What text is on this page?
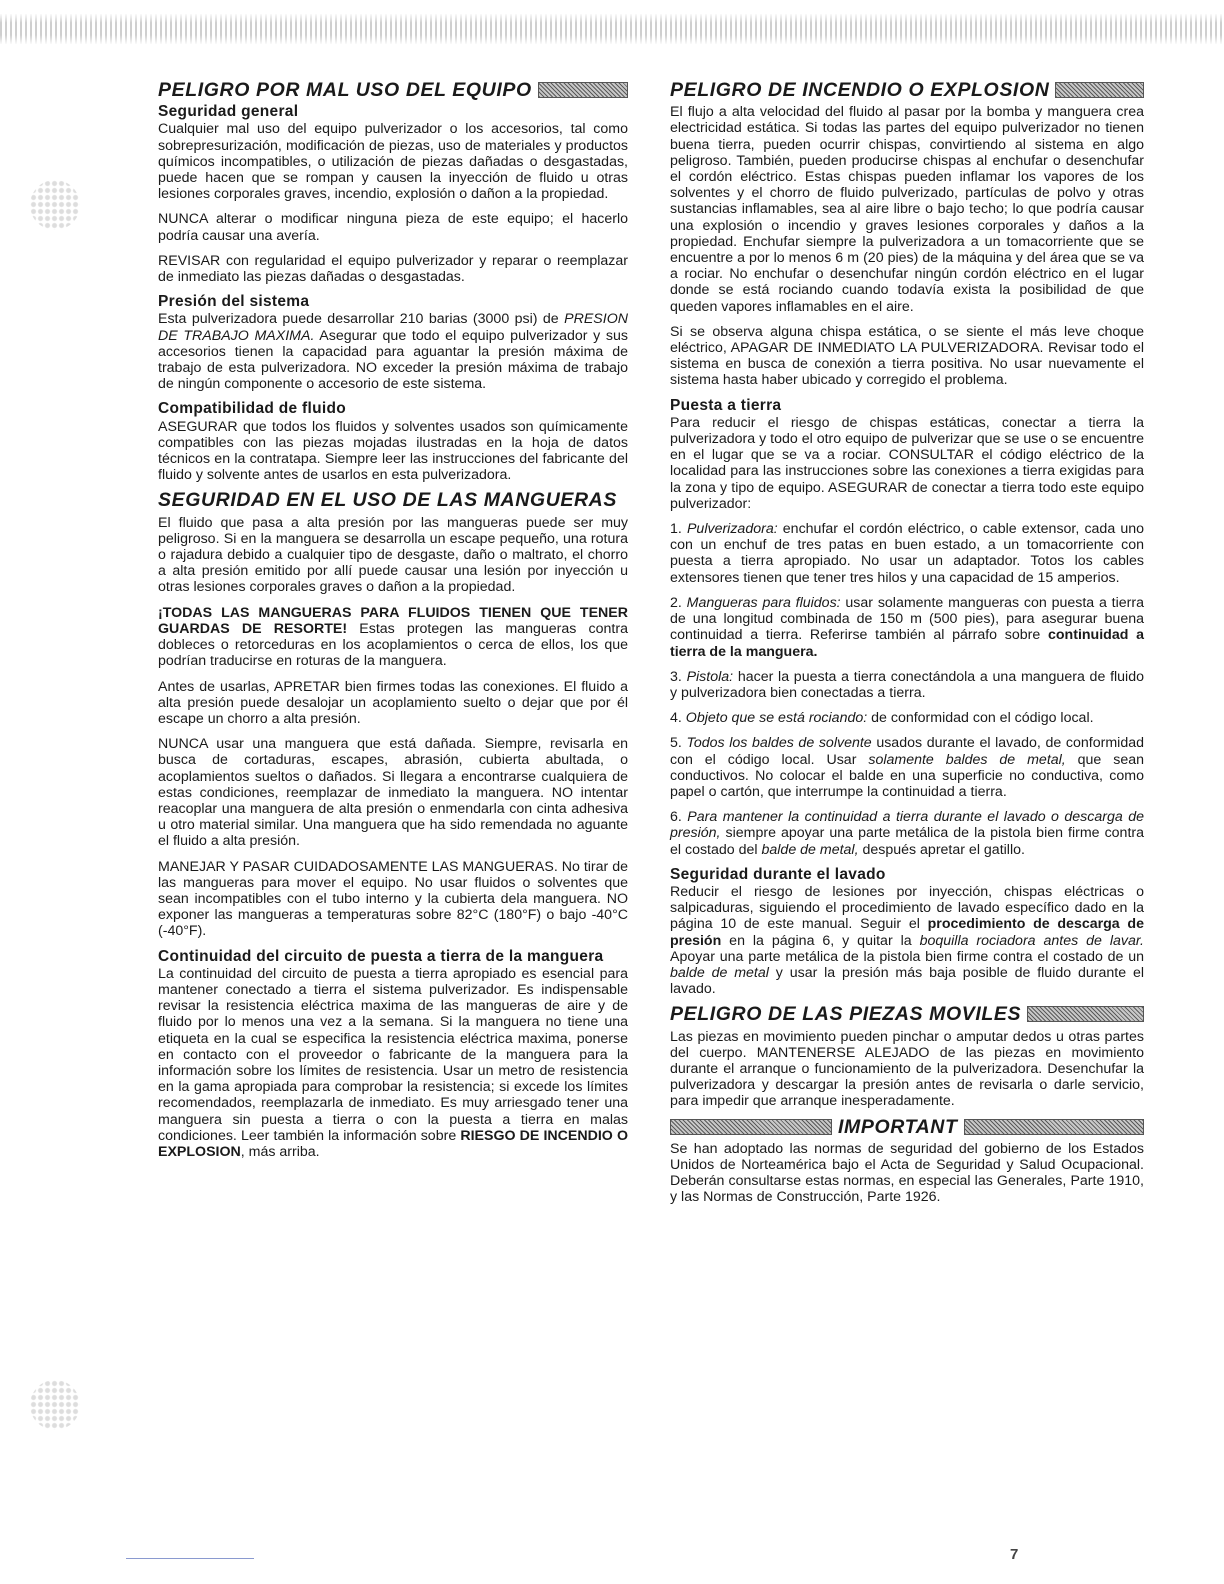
PELIGRO POR MAL USO DEL EQUIPO
Seguridad general

Cualquier mal uso del equipo pulverizador o los accesorios, tal como sobrepresurización, modificación de piezas, uso de materiales y productos químicos incompatibles, o utilización de piezas dañadas o desgastadas, puede hacen que se rompan y causen la inyección de fluido u otras lesiones corporales graves, incendio, explosión o dañon a la propiedad.

NUNCA alterar o modificar ninguna pieza de este equipo; el hacerlo podría causar una avería.

REVISAR con regularidad el equipo pulverizador y reparar o reemplazar de inmediato las piezas dañadas o desgastadas.

Presión del sistema

Esta pulverizadora puede desarrollar 210 barias (3000 psi) de PRESION DE TRABAJO MAXIMA. Asegurar que todo el equipo pulverizador y sus accesorios tienen la capacidad para aguantar la presión máxima de trabajo de esta pulverizadora. NO exceder la presión máxima de trabajo de ningún componente o accesorio de este sistema.

Compatibilidad de fluido

ASEGURAR que todos los fluidos y solventes usados son químicamente compatibles con las piezas mojadas ilustradas en la hoja de datos técnicos en la contratapa. Siempre leer las instrucciones del fabricante del fluido y solvente antes de usarlos en esta pulverizadora.

SEGURIDAD EN EL USO DE LAS MANGUERAS

El fluido que pasa a alta presión por las mangueras puede ser muy peligroso. Si en la manguera se desarrolla un escape pequeño, una rotura o rajadura debido a cualquier tipo de desgaste, daño o maltrato, el chorro a alta presión emitido por allí puede causar una lesión por inyección u otras lesiones corporales graves o dañon a la propiedad.

¡TODAS LAS MANGUERAS PARA FLUIDOS TIENEN QUE TENER GUARDAS DE RESORTE! Estas protegen las mangueras contra dobleces o retorceduras en los acoplamientos o cerca de ellos, los que podrían traducirse en roturas de la manguera.

Antes de usarlas, APRETAR bien firmes todas las conexiones. El fluido a alta presión puede desalojar un acoplamiento suelto o dejar que por él escape un chorro a alta presión.

NUNCA usar una manguera que está dañada. Siempre, revisarla en busca de cortaduras, escapes, abrasión, cubierta abultada, o acoplamientos sueltos o dañados. Si llegara a encontrarse cualquiera de estas condiciones, reemplazar de inmediato la manguera. NO intentar reacoplar una manguera de alta presión o enmendarla con cinta adhesiva u otro material similar. Una manguera que ha sido remendada no aguante el fluido a alta presión.

MANEJAR Y PASAR CUIDADOSAMENTE LAS MANGUERAS. No tirar de las mangueras para mover el equipo. No usar fluidos o solventes que sean incompatibles con el tubo interno y la cubierta dela manguera. NO exponer las mangueras a temperaturas sobre 82°C (180°F) o bajo -40°C (-40°F).

Continuidad del circuito de puesta a tierra de la manguera

La continuidad del circuito de puesta a tierra apropiado es esencial para mantener conectado a tierra el sistema pulverizador. Es indispensable revisar la resistencia eléctrica maxima de las mangueras de aire y de fluido por lo menos una vez a la semana. Si la manguera no tiene una etiqueta en la cual se especifica la resistencia eléctrica maxima, ponerse en contacto con el proveedor o fabricante de la manguera para la información sobre los límites de resistencia. Usar un metro de resistencia en la gama apropiada para comprobar la resistencia; si excede los límites recomendados, reemplazarla de inmediato. Es muy arriesgado tener una manguera sin puesta a tierra o con la puesta a tierra en malas condiciones. Leer también la información sobre RIESGO DE INCENDIO O EXPLOSION, más arriba.

PELIGRO DE INCENDIO O EXPLOSION

El flujo a alta velocidad del fluido al pasar por la bomba y manguera crea electricidad estática. Si todas las partes del equipo pulverizador no tienen buena tierra, pueden ocurrir chispas, convirtiendo al sistema en algo peligroso. También, pueden producirse chispas al enchufar o desenchufar el cordón eléctrico. Estas chispas pueden inflamar los vapores de los solventes y el chorro de fluido pulverizado, partículas de polvo y otras sustancias inflamables, sea al aire libre o bajo techo; lo que podría causar una explosión o incendio y graves lesiones corporales y daños a la propiedad. Enchufar siempre la pulverizadora a un tomacorriente que se encuentre a por lo menos 6 m (20 pies) de la máquina y del área que se va a rociar. No enchufar o desenchufar ningún cordón eléctrico en el lugar donde se está rociando cuando todavía exista la posibilidad de que queden vapores inflamables en el aire.

Si se observa alguna chispa estática, o se siente el más leve choque eléctrico, APAGAR DE INMEDIATO LA PULVERIZADORA. Revisar todo el sistema en busca de conexión a tierra positiva. No usar nuevamente el sistema hasta haber ubicado y corregido el problema.

Puesta a tierra

Para reducir el riesgo de chispas estáticas, conectar a tierra la pulverizadora y todo el otro equipo de pulverizar que se use o se encuentre en el lugar que se va a rociar. CONSULTAR el código eléctrico de la localidad para las instrucciones sobre las conexiones a tierra exigidas para la zona y tipo de equipo. ASEGURAR de conectar a tierra todo este equipo pulverizador:

1. Pulverizadora: enchufar el cordón eléctrico, o cable extensor, cada uno con un enchuf de tres patas en buen estado, a un tomacorriente con puesta a tierra apropiado. No usar un adaptador. Totos los cables extensores tienen que tener tres hilos y una capacidad de 15 amperios.

2. Mangueras para fluidos: usar solamente mangueras con puesta a tierra de una longitud combinada de 150 m (500 pies), para asegurar buena continuidad a tierra. Referirse también al párrafo sobre continuidad a tierra de la manguera.

3. Pistola: hacer la puesta a tierra conectándola a una manguera de fluido y pulverizadora bien conectadas a tierra.

4. Objeto que se está rociando: de conformidad con el código local.

5. Todos los baldes de solvente usados durante el lavado, de conformidad con el código local. Usar solamente baldes de metal, que sean conductivos. No colocar el balde en una superficie no conductiva, como papel o cartón, que interrumpe la continuidad a tierra.

6. Para mantener la continuidad a tierra durante el lavado o descarga de presión, siempre apoyar una parte metálica de la pistola bien firme contra el costado del balde de metal, después apretar el gatillo.

Seguridad durante el lavado

Reducir el riesgo de lesiones por inyección, chispas eléctricas o salpicaduras, siguiendo el procedimiento de lavado específico dado en la página 10 de este manual. Seguir el procedimiento de descarga de presión en la página 6, y quitar la boquilla rociadora antes de lavar. Apoyar una parte metálica de la pistola bien firme contra el costado de un balde de metal y usar la presión más baja posible de fluido durante el lavado.

PELIGRO DE LAS PIEZAS MOVILES

Las piezas en movimiento pueden pinchar o amputar dedos u otras partes del cuerpo. MANTENERSE ALEJADO de las piezas en movimiento durante el arranque o funcionamiento de la pulverizadora. Desenchufar la pulverizadora y descargar la presión antes de revisarla o darle servicio, para impedir que arranque inesperadamente.

IMPORTANT

Se han adoptado las normas de seguridad del gobierno de los Estados Unidos de Norteamérica bajo el Acta de Seguridad y Salud Ocupacional. Deberán consultarse estas normas, en especial las Generales, Parte 1910, y las Normas de Construcción, Parte 1926.

7
